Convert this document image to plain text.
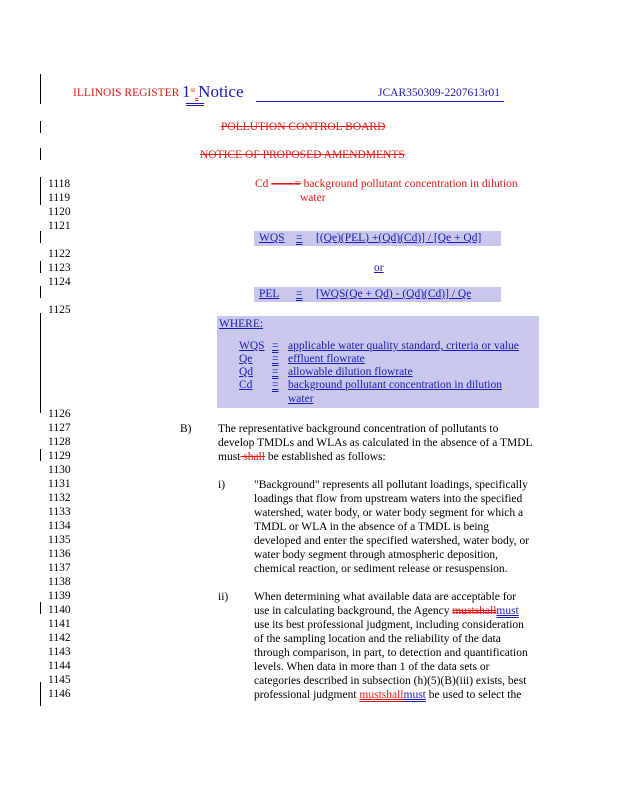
ILLINOIS REGISTER 1st Notice	JCAR350309-2207613r01
POLLUTION CONTROL BOARD
NOTICE OF PROPOSED AMENDMENTS
1118
1119
1120
1121
1122
1123
1124
1125
1126
1127
1128
1129
1130
1131
1132
1133
1134
1135
1136
1137
1138
1139
1140
1141
1142
1143
1144
1145
1146
Cd ——= background pollutant concentration in dilution
water
WQS = [(Qe)(PEL) +(Qd)(Cd)] / [Qe + Qd]
or
PEL = [WQS(Qe + Qd) - (Qd)(Cd)] / Qe
WHERE:
WQS = applicable water quality standard, criteria or value
Qe = effluent flowrate
Qd = allowable dilution flowrate
Cd = background pollutant concentration in dilution
water
B) The representative background concentration of pollutants to
develop TMDLs and WLAs as calculated in the absence of a TMDL
must shall be established as follows:
i)	"Background" represents all pollutant loadings, specifically
loadings that flow from upstream waters into the specified
watershed, water body, or water body segment for which a
TMDL or WLA in the absence of a TMDL is being
developed and enter the specified watershed, water body, or
water body segment through atmospheric deposition,
chemical reaction, or sediment release or resuspension.
ii) When determining what available data are acceptable for
use in calculating background, the Agency mustshallmust
use its best professional judgment, including consideration
of the sampling location and the reliability of the data
through comparison, in part, to detection and quantification
levels. When data in more than 1 of the data sets or
categories described in subsection (h)(5)(B)(iii) exists, best
professional judgment mustshallmust be used to select the
